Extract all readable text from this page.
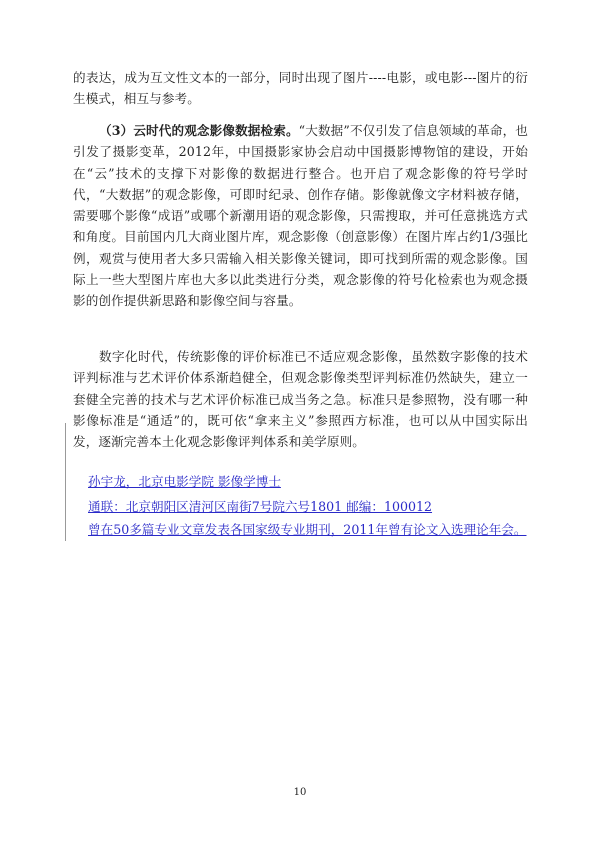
的表达，成为互文性文本的一部分，同时出现了图片----电影，或电影---图片的衍生模式，相互与参考。

（3）云时代的观念影像数据检索。“大数据”不仅引发了信息领域的革命，也引发了摄影变革，2012年，中国摄影家协会启动中国摄影博物馆的建设，开始在“云”技术的支撑下对影像的数据进行整合。也开启了观念影像的符号学时代，“大数据”的观念影像，可即时纪录、创作存储。影像就像文字材料被存储，需要哪个影像“成语”或哪个新潮用语的观念影像，只需搜取，并可任意挑选方式和角度。目前国内几大商业图片库，观念影像（创意影像）在图片库占约1/3强比例，观赏与使用者大多只需输入相关影像关键词，即可找到所需的观念影像。国际上一些大型图片库也大多以此类进行分类，观念影像的符号化检索也为观念摄影的创作提供新思路和影像空间与容量。

数字化时代，传统影像的评价标准已不适应观念影像，虽然数字影像的技术评判标准与艺术评价体系渐趋健全，但观念影像类型评判标准仍然缺失，建立一套健全完善的技术与艺术评价标准已成当务之急。标准只是参照物，没有哪一种影像标准是“通适”的，既可依“拿来主义”参照西方标准，也可以从中国实际出发，逐渐完善本土化观念影像评判体系和美学原则。

孙宇龙，北京电影学院 影像学博士

通联：北京朝阳区清河区南街7号院六号1801 邮编：100012

曾在50多篇专业文章发表各国家级专业期刊，2011年曾有论文入选理论年会。

10
